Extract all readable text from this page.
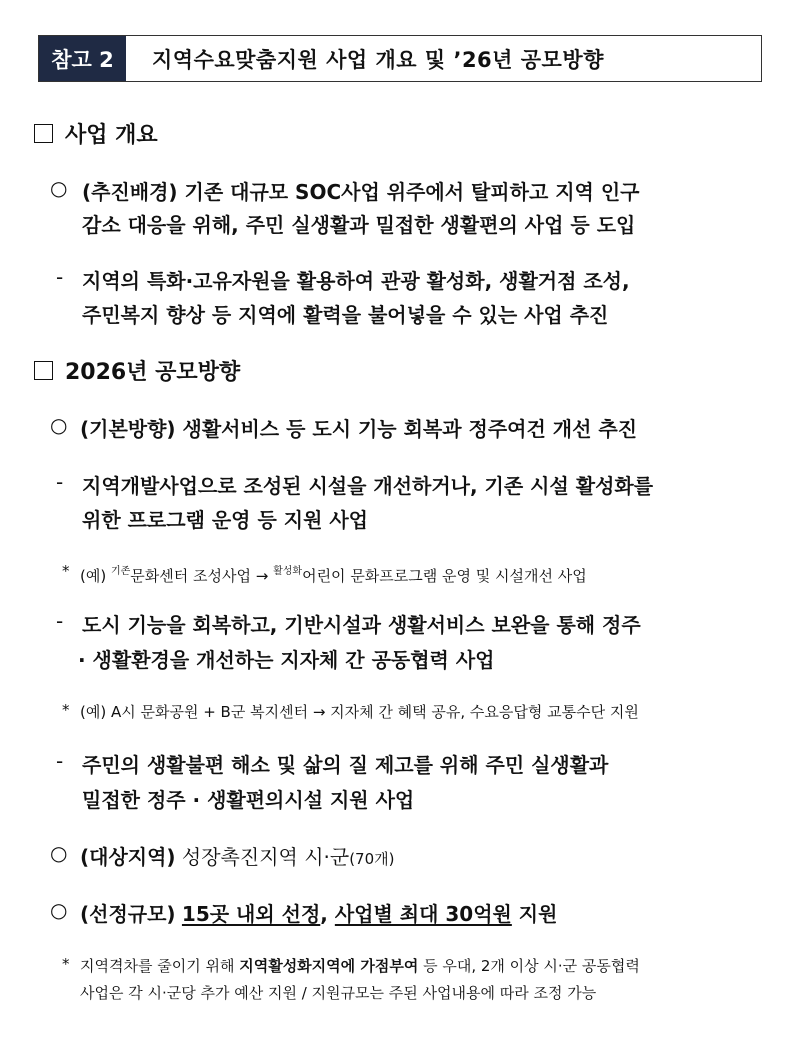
참고 2	지역수요맞춤지원 사업 개요 및 ’26년 공모방향
사업 개요
○ (추진배경) 기존 대규모 SOC사업 위주에서 탈피하고 지역 인구
감소 대응을 위해, 주민 실생활과 밀접한 생활편의 사업 등 도입
- 지역의 특화·고유자원을 활용하여 관광 활성화, 생활거점 조성,
주민복지 향상 등 지역에 활력을 불어넣을 수 있는 사업 추진
2026년 공모방향
○ (기본방향) 생활서비스 등 도시 기능 회복과 정주여건 개선 추진
- 지역개발사업으로 조성된 시설을 개선하거나, 기존 시설 활성화를
위한 프로그램 운영 등 지원 사업
* (예) $^{기존}$문화센터 조성사업 → $^{활성화}$어린이 문화프로그램 운영 및 시설개선 사업
- 도시 기능을 회복하고, 기반시설과 생활서비스 보완을 통해 정주
· 생활환경을 개선하는 지자체 간 공동협력 사업
* (예) A시 문화공원 + B군 복지센터 → 지자체 간 혜택 공유, 수요응답형 교통수단 지원
- 주민의 생활불편 해소 및 삶의 질 제고를 위해 주민 실생활과
밀접한 정주 · 생활편의시설 지원 사업
○ (대상지역) 성장촉진지역 시·군(70개)
○ (선정규모) 15곳 내외 선정, 사업별 최대 30억원 지원
* 지역격차를 줄이기 위해 지역활성화지역에 가점부여 등 우대, 2개 이상 시·군 공동협력
사업은 각 시·군당 추가 예산 지원 / 지원규모는 주된 사업내용에 따라 조정 가능
